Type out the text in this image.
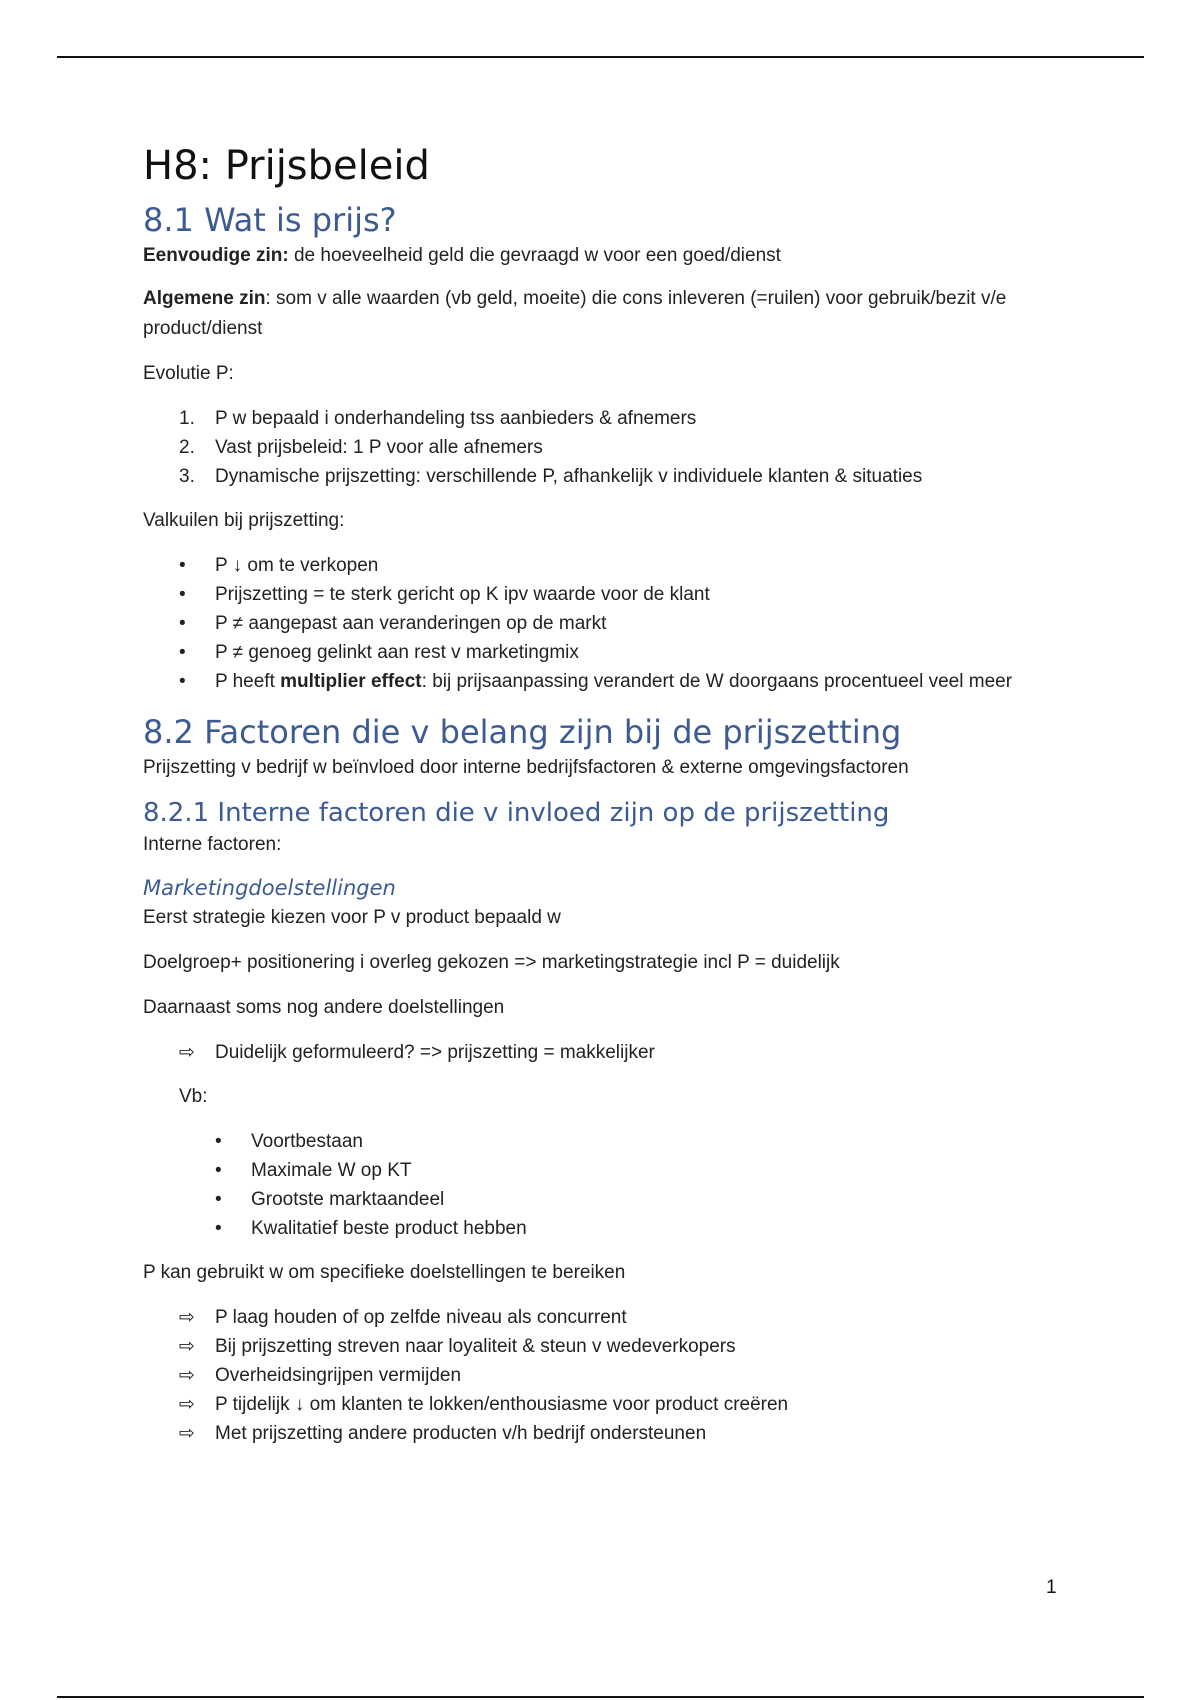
H8: Prijsbeleid
8.1 Wat is prijs?

Eenvoudige zin: de hoeveelheid geld die gevraagd w voor een goed/dienst

Algemene zin: som v alle waarden (vb geld, moeite) die cons inleveren (=ruilen) voor gebruik/bezit v/e product/dienst

Evolutie P:

1. P w bepaald i onderhandeling tss aanbieders & afnemers
2. Vast prijsbeleid: 1 P voor alle afnemers
3. Dynamische prijszetting: verschillende P, afhankelijk v individuele klanten & situaties

Valkuilen bij prijszetting:

• P ↓ om te verkopen
• Prijszetting = te sterk gericht op K ipv waarde voor de klant
• P ≠ aangepast aan veranderingen op de markt
• P ≠ genoeg gelinkt aan rest v marketingmix
• P heeft multiplier effect: bij prijsaanpassing verandert de W doorgaans procentueel veel meer
8.2 Factoren die v belang zijn bij de prijszetting

Prijszetting v bedrijf w beïnvloed door interne bedrijfsfactoren & externe omgevingsfactoren

8.2.1 Interne factoren die v invloed zijn op de prijszetting

Interne factoren:

Marketingdoelstellingen

Eerst strategie kiezen voor P v product bepaald w

Doelgroep+ positionering i overleg gekozen => marketingstrategie incl P = duidelijk

Daarnaast soms nog andere doelstellingen

⇨ Duidelijk geformuleerd? => prijszetting = makkelijker

Vb:

• Voortbestaan
• Maximale W op KT
• Grootste marktaandeel
• Kwalitatief beste product hebben

P kan gebruikt w om specifieke doelstellingen te bereiken

⇨ P laag houden of op zelfde niveau als concurrent
⇨ Bij prijszetting streven naar loyaliteit & steun v wedeverkopers
⇨ Overheidsingrijpen vermijden
⇨ P tijdelijk ↓ om klanten te lokken/enthousiasme voor product creëren
⇨ Met prijszetting andere producten v/h bedrijf ondersteunen
1
